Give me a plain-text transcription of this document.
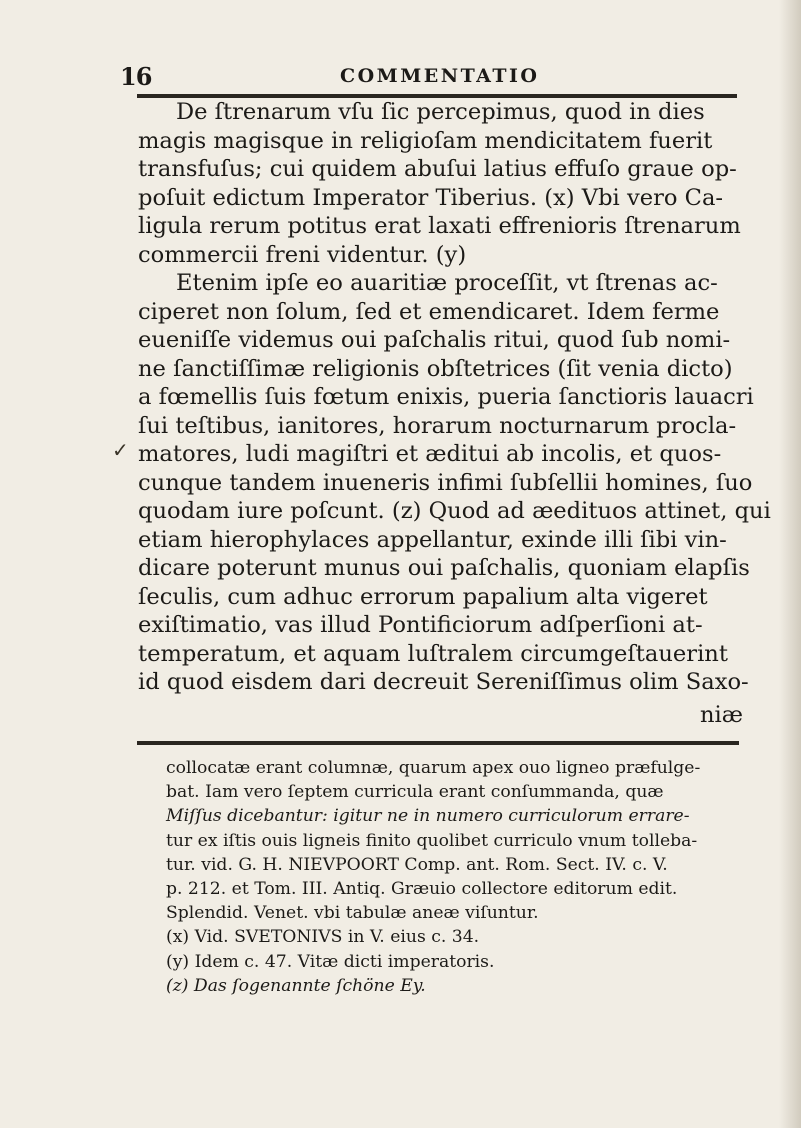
16	COMMENTATIO
De ſtrenarum vſu ſic percepimus, quod in dies
magis magisque in religioſam mendicitatem fuerit
transfuſus; cui quidem abuſui latius effuſo graue op-
poſuit edictum Imperator Tiberius. (x) Vbi vero Ca-
ligula rerum potitus erat laxati effrenioris ſtrenarum
commercii freni videntur. (y)
Etenim ipſe eo auaritiæ proceſſit, vt ſtrenas ac-
ciperet non ſolum, ſed et emendicaret. Idem ferme
eueniſſe videmus oui paſchalis ritui, quod ſub nomi-
ne ſanctiſſimæ religionis obſtetrices (ſit venia dicto)
a fœmellis ſuis fœtum enixis, pueria ſanctioris lauacri
ſui teſtibus, ianitores, horarum nocturnarum procla-
matores, ludi magiſtri et æditui ab incolis, et quos-
cunque tandem inueneris infimi ſubſellii homines, ſuo
quodam iure poſcunt. (z) Quod ad æedituos attinet, qui
etiam hierophylaces appellantur, exinde illi ſibi vin-
dicare poterunt munus oui paſchalis, quoniam elapſis
ſeculis, cum adhuc errorum papalium alta vigeret
exiſtimatio, vas illud Pontificiorum adſperſioni at-
temperatum, et aquam luſtralem circumgeſtauerint
id quod eisdem dari decreuit Sereniſſimus olim Saxo-
niæ
collocatæ erant columnæ, quarum apex ouo ligneo præfulge-
bat. Iam vero ſeptem curricula erant conſummanda, quæ
Miſſus dicebantur: igitur ne in numero curriculorum errare-
tur ex iſtis ouis ligneis finito quolibet curriculo vnum tolleba-
tur. vid. G. H. NIEVPOORT Comp. ant. Rom. Sect. IV. c. V.
p. 212. et Tom. III. Antiq. Græuio collectore editorum edit.
Splendid. Venet. vbi tabulæ aneæ viſuntur.
(x) Vid. SVETONIVS in V. eius c. 34.
(y) Idem c. 47. Vitæ dicti imperatoris.
(z) Das ſogenannte ſchöne Ey.
✓
